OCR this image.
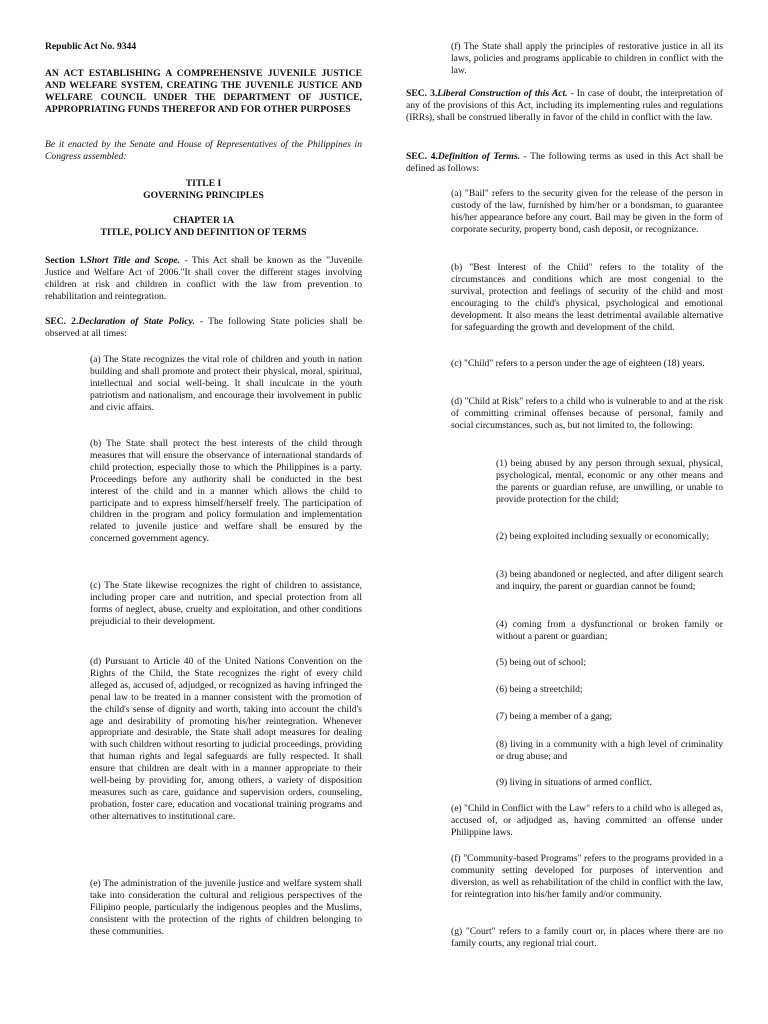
Republic Act No. 9344

AN ACT ESTABLISHING A COMPREHENSIVE JUVENILE JUSTICE AND WELFARE SYSTEM, CREATING THE JUVENILE JUSTICE AND WELFARE COUNCIL UNDER THE DEPARTMENT OF JUSTICE, APPROPRIATING FUNDS THEREFOR AND FOR OTHER PURPOSES

Be it enacted by the Senate and House of Representatives of the Philippines in Congress assembled:

TITLE I

GOVERNING PRINCIPLES

CHAPTER 1A

TITLE, POLICY AND DEFINITION OF TERMS

Section 1.Short Title and Scope. - This Act shall be known as the "Juvenile Justice and Welfare Act of 2006."It shall cover the different stages involving children at risk and children in conflict with the law from prevention to rehabilitation and reintegration.

SEC. 2.Declaration of State Policy. - The following State policies shall be observed at all times:

(a) The State recognizes the vital role of children and youth in nation building and shall promote and protect their physical, moral, spiritual, intellectual and social well-being. It shall inculcate in the youth patriotism and nationalism, and encourage their involvement in public and civic affairs.

(b) The State shall protect the best interests of the child through measures that will ensure the observance of international standards of child protection, especially those to which the Philippines is a party. Proceedings before any authority shall be conducted in the best interest of the child and in a manner which allows the child to participate and to express himself/herself freely. The participation of children in the program and policy formulation and implementation related to juvenile justice and welfare shall be ensured by the concerned government agency.

(c) The State likewise recognizes the right of children to assistance, including proper care and nutrition, and special protection from all forms of neglect, abuse, cruelty and exploitation, and other conditions prejudicial to their development.

(d) Pursuant to Article 40 of the United Nations Convention on the Rights of the Child, the State recognizes the right of every child alleged as, accused of, adjudged, or recognized as having infringed the penal law to be treated in a manner consistent with the promotion of the child's sense of dignity and worth, taking into account the child's age and desirability of promoting his/her reintegration. Whenever appropriate and desirable, the State shall adopt measures for dealing with such children without resorting to judicial proceedings, providing that human rights and legal safeguards are fully respected. It shall ensure that children are dealt with in a manner appropriate to their well-being by providing for, among others, a variety of disposition measures such as care, guidance and supervision orders, counseling, probation, foster care, education and vocational training programs and other alternatives to institutional care.

(e) The administration of the juvenile justice and welfare system shall take into consideration the cultural and religious perspectives of the Filipino people, particularly the indigenous peoples and the Muslims, consistent with the protection of the rights of children belonging to these communities.

(f) The State shall apply the principles of restorative justice in all its laws, policies and programs applicable to children in conflict with the law.

SEC. 3.Liberal Construction of this Act. - In case of doubt, the interpretation of any of the provisions of this Act, including its implementing rules and regulations (IRRs), shall be construed liberally in favor of the child in conflict with the law.

SEC. 4.Definition of Terms. - The following terms as used in this Act shall be defined as follows:

(a) "Bail" refers to the security given for the release of the person in custody of the law, furnished by him/her or a bondsman, to guarantee his/her appearance before any court. Bail may be given in the form of corporate security, property bond, cash deposit, or recognizance.

(b) "Best Interest of the Child" refers to the totality of the circumstances and conditions which are most congenial to the survival, protection and feelings of security of the child and most encouraging to the child's physical, psychological and emotional development. It also means the least detrimental available alternative for safeguarding the growth and development of the child.

(c) "Child" refers to a person under the age of eighteen (18) years.

(d) "Child at Risk" refers to a child who is vulnerable to and at the risk of committing criminal offenses because of personal, family and social circumstances, such as, but not limited to, the following:

(1) being abused by any person through sexual, physical, psychological, mental, economic or any other means and the parents or guardian refuse, are unwilling, or unable to provide protection for the child;

(2) being exploited including sexually or economically;

(3) being abandoned or neglected, and after diligent search and inquiry, the parent or guardian cannot be found;

(4) coming from a dysfunctional or broken family or without a parent or guardian;

(5) being out of school;

(6) being a streetchild;

(7) being a member of a gang;

(8) living in a community with a high level of criminality or drug abuse; and

(9) living in situations of armed conflict.

(e) "Child in Conflict with the Law" refers to a child who is alleged as, accused of, or adjudged as, having committed an offense under Philippine laws.

(f) "Community-based Programs" refers to the programs provided in a community setting developed for purposes of intervention and diversion, as well as rehabilitation of the child in conflict with the law, for reintegration into his/her family and/or community.

(g) "Court" refers to a family court or, in places where there are no family courts, any regional trial court.
